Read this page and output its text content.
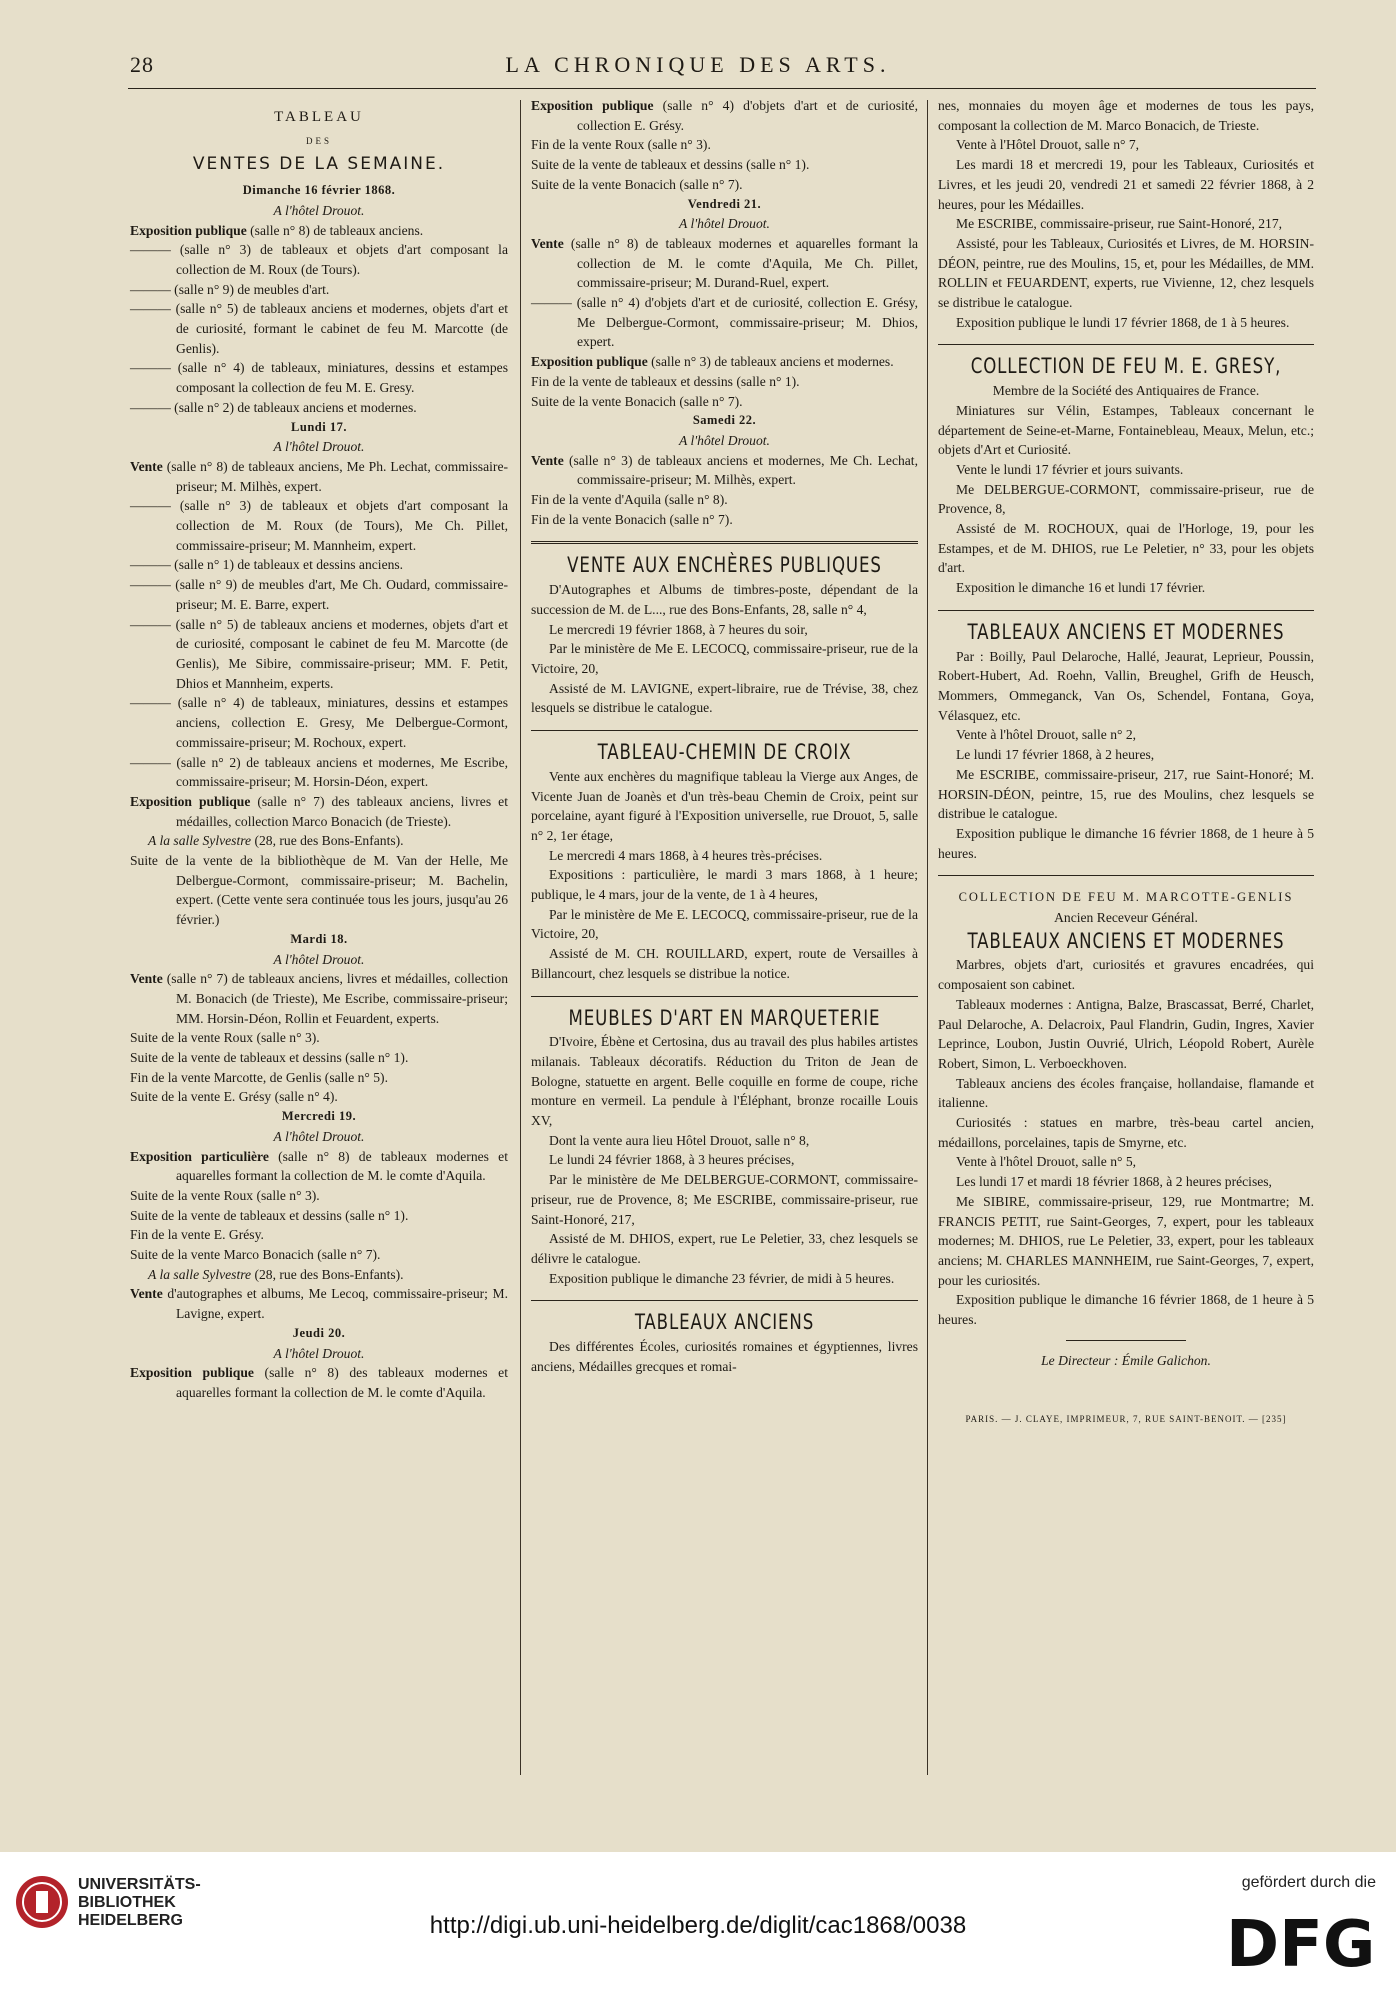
28	LA CHRONIQUE DES ARTS.
TABLEAU
DES
VENTES DE LA SEMAINE.
Dimanche 16 février 1868.
A l'hôtel Drouot.
Exposition publique (salle n° 8) de tableaux anciens.
——— (salle n° 3) de tableaux et objets d'art composant la collection de M. Roux (de Tours).
——— (salle n° 9) de meubles d'art.
——— (salle n° 5) de tableaux anciens et modernes, objets d'art et de curiosité, formant le cabinet de feu M. Marcotte (de Genlis).
——— (salle n° 4) de tableaux, miniatures, dessins et estampes composant la collection de feu M. E. Gresy.
——— (salle n° 2) de tableaux anciens et modernes.
Lundi 17.
A l'hôtel Drouot.
Vente (salle n° 8) de tableaux anciens, Me Ph. Lechat, commissaire-priseur; M. Milhès, expert.
——— (salle n° 3) de tableaux et objets d'art composant la collection de M. Roux (de Tours), Me Ch. Pillet, commissaire-priseur; M. Mannheim, expert.
——— (salle n° 1) de tableaux et dessins anciens.
——— (salle n° 9) de meubles d'art, Me Ch. Oudard, commissaire-priseur; M. E. Barre, expert.
——— (salle n° 5) de tableaux anciens et modernes, objets d'art et de curiosité, composant le cabinet de feu M. Marcotte (de Genlis), Me Sibire, commissaire-priseur; MM. F. Petit, Dhios et Mannheim, experts.
——— (salle n° 4) de tableaux, miniatures, dessins et estampes anciens, collection E. Gresy, Me Delbergue-Cormont, commissaire-priseur; M. Rochoux, expert.
——— (salle n° 2) de tableaux anciens et modernes, Me Escribe, commissaire-priseur; M. Horsin-Déon, expert.
Exposition publique (salle n° 7) des tableaux anciens, livres et médailles, collection Marco Bonacich (de Trieste).
A la salle Sylvestre (28, rue des Bons-Enfants).
Suite de la vente de la bibliothèque de M. Van der Helle, Me Delbergue-Cormont, commissaire-priseur; M. Bachelin, expert. (Cette vente sera continuée tous les jours, jusqu'au 26 février.)
Mardi 18.
A l'hôtel Drouot.
Vente (salle n° 7) de tableaux anciens, livres et médailles, collection M. Bonacich (de Trieste), Me Escribe, commissaire-priseur; MM. Horsin-Déon, Rollin et Feuardent, experts.
Suite de la vente Roux (salle n° 3).
Suite de la vente de tableaux et dessins (salle n° 1).
Fin de la vente Marcotte, de Genlis (salle n° 5).
Suite de la vente E. Grésy (salle n° 4).
Mercredi 19.
A l'hôtel Drouot.
Exposition particulière (salle n° 8) de tableaux modernes et aquarelles formant la collection de M. le comte d'Aquila.
Suite de la vente Roux (salle n° 3).
Suite de la vente de tableaux et dessins (salle n° 1).
Fin de la vente E. Grésy.
Suite de la vente Marco Bonacich (salle n° 7).
A la salle Sylvestre (28, rue des Bons-Enfants).
Vente d'autographes et albums, Me Lecoq, commissaire-priseur; M. Lavigne, expert.
Jeudi 20.
A l'hôtel Drouot.
Exposition publique (salle n° 8) des tableaux modernes et aquarelles formant la collection de M. le comte d'Aquila.
Exposition publique (salle n° 4) d'objets d'art et de curiosité, collection E. Grésy.
Fin de la vente Roux (salle n° 3).
Suite de la vente de tableaux et dessins (salle n° 1).
Suite de la vente Bonacich (salle n° 7).
Vendredi 21.
A l'hôtel Drouot.
Vente (salle n° 8) de tableaux modernes et aquarelles formant la collection de M. le comte d'Aquila, Me Ch. Pillet, commissaire-priseur; M. Durand-Ruel, expert.
——— (salle n° 4) d'objets d'art et de curiosité, collection E. Grésy, Me Delbergue-Cormont, commissaire-priseur; M. Dhios, expert.
Exposition publique (salle n° 3) de tableaux anciens et modernes.
Fin de la vente de tableaux et dessins (salle n° 1).
Suite de la vente Bonacich (salle n° 7).
Samedi 22.
A l'hôtel Drouot.
Vente (salle n° 3) de tableaux anciens et modernes, Me Ch. Lechat, commissaire-priseur; M. Milhès, expert.
Fin de la vente d'Aquila (salle n° 8).
Fin de la vente Bonacich (salle n° 7).
VENTE AUX ENCHÈRES PUBLIQUES
D'Autographes et Albums de timbres-poste, dépendant de la succession de M. de L..., rue des Bons-Enfants, 28, salle n° 4,
Le mercredi 19 février 1868, à 7 heures du soir,
Par le ministère de Me E. LECOCQ, commissaire-priseur, rue de la Victoire, 20,
Assisté de M. LAVIGNE, expert-libraire, rue de Trévise, 38, chez lesquels se distribue le catalogue.
TABLEAU-CHEMIN DE CROIX
Vente aux enchères du magnifique tableau la Vierge aux Anges, de Vicente Juan de Joanès et d'un très-beau Chemin de Croix, peint sur porcelaine, ayant figuré à l'Exposition universelle, rue Drouot, 5, salle n° 2, 1er étage,
Le mercredi 4 mars 1868, à 4 heures très-précises.
Expositions : particulière, le mardi 3 mars 1868, à 1 heure; publique, le 4 mars, jour de la vente, de 1 à 4 heures,
Par le ministère de Me E. LECOCQ, commissaire-priseur, rue de la Victoire, 20,
Assisté de M. CH. ROUILLARD, expert, route de Versailles à Billancourt, chez lesquels se distribue la notice.
MEUBLES D'ART EN MARQUETERIE
D'Ivoire, Ébène et Certosina, dus au travail des plus habiles artistes milanais. Tableaux décoratifs. Réduction du Triton de Jean de Bologne, statuette en argent. Belle coquille en forme de coupe, riche monture en vermeil. La pendule à l'Éléphant, bronze rocaille Louis XV,
Dont la vente aura lieu Hôtel Drouot, salle n° 8,
Le lundi 24 février 1868, à 3 heures précises,
Par le ministère de Me DELBERGUE-CORMONT, commissaire-priseur, rue de Provence, 8; Me ESCRIBE, commissaire-priseur, rue Saint-Honoré, 217,
Assisté de M. DHIOS, expert, rue Le Peletier, 33, chez lesquels se délivre le catalogue.
Exposition publique le dimanche 23 février, de midi à 5 heures.
TABLEAUX ANCIENS
Des différentes Écoles, curiosités romaines et égyptiennes, livres anciens, Médailles grecques et romai-
nes, monnaies du moyen âge et modernes de tous les pays, composant la collection de M. Marco Bonacich, de Trieste.
Vente à l'Hôtel Drouot, salle n° 7,
Les mardi 18 et mercredi 19, pour les Tableaux, Curiosités et Livres, et les jeudi 20, vendredi 21 et samedi 22 février 1868, à 2 heures, pour les Médailles.
Me ESCRIBE, commissaire-priseur, rue Saint-Honoré, 217,
Assisté, pour les Tableaux, Curiosités et Livres, de M. HORSIN-DÉON, peintre, rue des Moulins, 15, et, pour les Médailles, de MM. ROLLIN et FEUARDENT, experts, rue Vivienne, 12, chez lesquels se distribue le catalogue.
Exposition publique le lundi 17 février 1868, de 1 à 5 heures.
COLLECTION DE FEU M. E. GRESY,
Membre de la Société des Antiquaires de France.
Miniatures sur Vélin, Estampes, Tableaux concernant le département de Seine-et-Marne, Fontainebleau, Meaux, Melun, etc.; objets d'Art et Curiosité.
Vente le lundi 17 février et jours suivants.
Me DELBERGUE-CORMONT, commissaire-priseur, rue de Provence, 8,
Assisté de M. ROCHOUX, quai de l'Horloge, 19, pour les Estampes, et de M. DHIOS, rue Le Peletier, n° 33, pour les objets d'art.
Exposition le dimanche 16 et lundi 17 février.
TABLEAUX ANCIENS ET MODERNES
Par : Boilly, Paul Delaroche, Hallé, Jeaurat, Leprieur, Poussin, Robert-Hubert, Ad. Roehn, Vallin, Breughel, Grifh de Heusch, Mommers, Ommeganck, Van Os, Schendel, Fontana, Goya, Vélasquez, etc.
Vente à l'hôtel Drouot, salle n° 2,
Le lundi 17 février 1868, à 2 heures,
Me ESCRIBE, commissaire-priseur, 217, rue Saint-Honoré; M. HORSIN-DÉON, peintre, 15, rue des Moulins, chez lesquels se distribue le catalogue.
Exposition publique le dimanche 16 février 1868, de 1 heure à 5 heures.
COLLECTION DE FEU M. MARCOTTE-GENLIS
Ancien Receveur Général.
TABLEAUX ANCIENS ET MODERNES
Marbres, objets d'art, curiosités et gravures encadrées, qui composaient son cabinet.
Tableaux modernes : Antigna, Balze, Brascassat, Berré, Charlet, Paul Delaroche, A. Delacroix, Paul Flandrin, Gudin, Ingres, Xavier Leprince, Loubon, Justin Ouvrié, Ulrich, Léopold Robert, Aurèle Robert, Simon, L. Verboeckhoven.
Tableaux anciens des écoles française, hollandaise, flamande et italienne.
Curiosités : statues en marbre, très-beau cartel ancien, médaillons, porcelaines, tapis de Smyrne, etc.
Vente à l'hôtel Drouot, salle n° 5,
Les lundi 17 et mardi 18 février 1868, à 2 heures précises,
Me SIBIRE, commissaire-priseur, 129, rue Montmartre; M. FRANCIS PETIT, rue Saint-Georges, 7, expert, pour les tableaux modernes; M. DHIOS, rue Le Peletier, 33, expert, pour les tableaux anciens; M. CHARLES MANNHEIM, rue Saint-Georges, 7, expert, pour les curiosités.
Exposition publique le dimanche 16 février 1868, de 1 heure à 5 heures.
Le Directeur : Émile Galichon.
PARIS. — J. CLAYE, IMPRIMEUR, 7, RUE SAINT-BENOIT. — [235]
UNIVERSITÄTS-
BIBLIOTHEK
HEIDELBERG	http://digi.ub.uni-heidelberg.de/diglit/cac1868/0038
gefördert durch die
DFG
